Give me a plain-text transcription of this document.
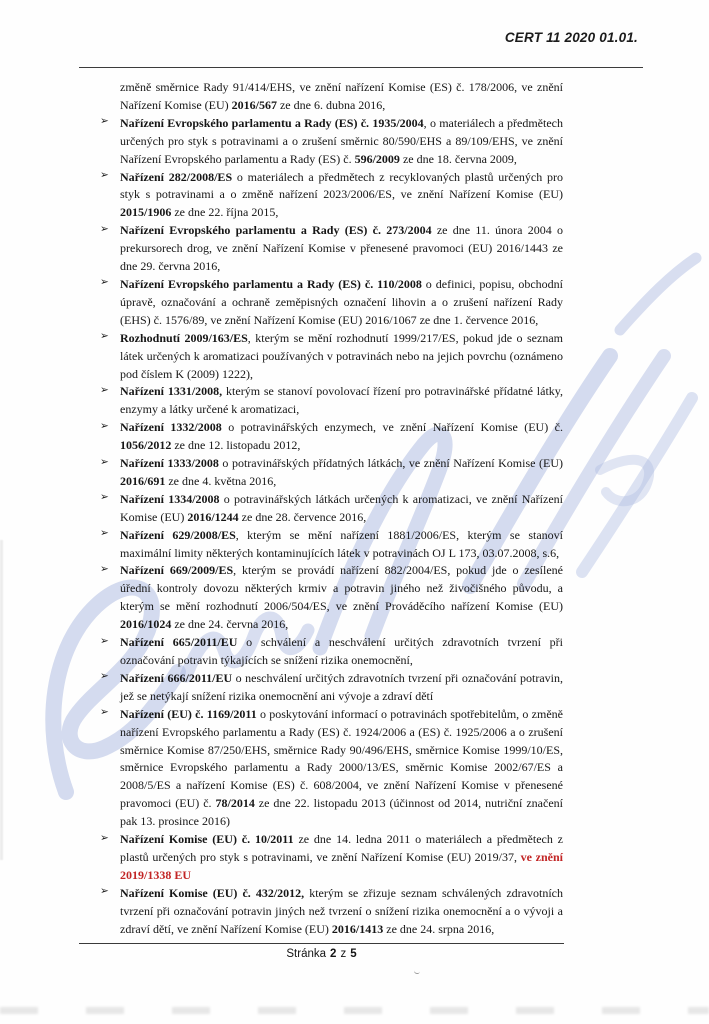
CERT 11 2020 01.01.
změně směrnice Rady 91/414/EHS, ve znění nařízení Komise (ES) č. 178/2006, ve znění Nařízení Komise (EU) 2016/567 ze dne 6. dubna 2016,
➢ Nařízení Evropského parlamentu a Rady (ES) č. 1935/2004, o materiálech a předmětech určených pro styk s potravinami a o zrušení směrnic 80/590/EHS a 89/109/EHS, ve znění Nařízení Evropského parlamentu a Rady (ES) č. 596/2009 ze dne 18. června 2009,
➢ Nařízení 282/2008/ES o materiálech a předmětech z recyklovaných plastů určených pro styk s potravinami a o změně nařízení 2023/2006/ES, ve znění Nařízení Komise (EU) 2015/1906 ze dne 22. října 2015,
➢ Nařízení Evropského parlamentu a Rady (ES) č. 273/2004 ze dne 11. února 2004 o prekursorech drog, ve znění Nařízení Komise v přenesené pravomoci (EU) 2016/1443 ze dne 29. června 2016,
➢ Nařízení Evropského parlamentu a Rady (ES) č. 110/2008 o definici, popisu, obchodní úpravě, označování a ochraně zeměpisných označení lihovin a o zrušení nařízení Rady (EHS) č. 1576/89, ve znění Nařízení Komise (EU) 2016/1067 ze dne 1. července 2016,
➢ Rozhodnutí 2009/163/ES, kterým se mění rozhodnutí 1999/217/ES, pokud jde o seznam látek určených k aromatizaci používaných v potravinách nebo na jejich povrchu (oznámeno pod číslem K (2009) 1222),
➢ Nařízení 1331/2008, kterým se stanoví povolovací řízení pro potravinářské přídatné látky, enzymy a látky určené k aromatizaci,
➢ Nařízení 1332/2008 o potravinářských enzymech, ve znění Nařízení Komise (EU) č. 1056/2012 ze dne 12. listopadu 2012,
➢ Nařízení 1333/2008 o potravinářských přídatných látkách, ve znění Nařízení Komise (EU) 2016/691 ze dne 4. května 2016,
➢ Nařízení 1334/2008 o potravinářských látkách určených k aromatizaci, ve znění Nařízení Komise (EU) 2016/1244 ze dne 28. července 2016,
➢ Nařízení 629/2008/ES, kterým se mění nařízení 1881/2006/ES, kterým se stanoví maximální limity některých kontaminujících látek v potravinách OJ L 173, 03.07.2008, s.6,
➢ Nařízení 669/2009/ES, kterým se provádí nařízení 882/2004/ES, pokud jde o zesílené úřední kontroly dovozu některých krmiv a potravin jiného než živočišného původu, a kterým se mění rozhodnutí 2006/504/ES, ve znění Prováděcího nařízení Komise (EU) 2016/1024 ze dne 24. června 2016,
➢ Nařízení 665/2011/EU o schválení a neschválení určitých zdravotních tvrzení při označování potravin týkajících se snížení rizika onemocnění,
➢ Nařízení 666/2011/EU o neschválení určitých zdravotních tvrzení při označování potravin, jež se netýkají snížení rizika onemocnění ani vývoje a zdraví dětí
➢ Nařízení (EU) č. 1169/2011 o poskytování informací o potravinách spotřebitelům, o změně nařízení Evropského parlamentu a Rady (ES) č. 1924/2006 a (ES) č. 1925/2006 a o zrušení směrnice Komise 87/250/EHS, směrnice Rady 90/496/EHS, směrnice Komise 1999/10/ES, směrnice Evropského parlamentu a Rady 2000/13/ES, směrnic Komise 2002/67/ES a 2008/5/ES a nařízení Komise (ES) č. 608/2004, ve znění Nařízení Komise v přenesené pravomoci (EU) č. 78/2014 ze dne 22. listopadu 2013 (účinnost od 2014, nutriční značení pak 13. prosince 2016)
➢ Nařízení Komise (EU) č. 10/2011 ze dne 14. ledna 2011 o materiálech a předmětech z plastů určených pro styk s potravinami, ve znění Nařízení Komise (EU) 2019/37, ve znění 2019/1338 EU
➢ Nařízení Komise (EU) č. 432/2012, kterým se zřizuje seznam schválených zdravotních tvrzení při označování potravin jiných než tvrzení o snížení rizika onemocnění a o vývoji a zdraví dětí, ve znění Nařízení Komise (EU) 2016/1413 ze dne 24. srpna 2016,
Stránka 2 z 5
